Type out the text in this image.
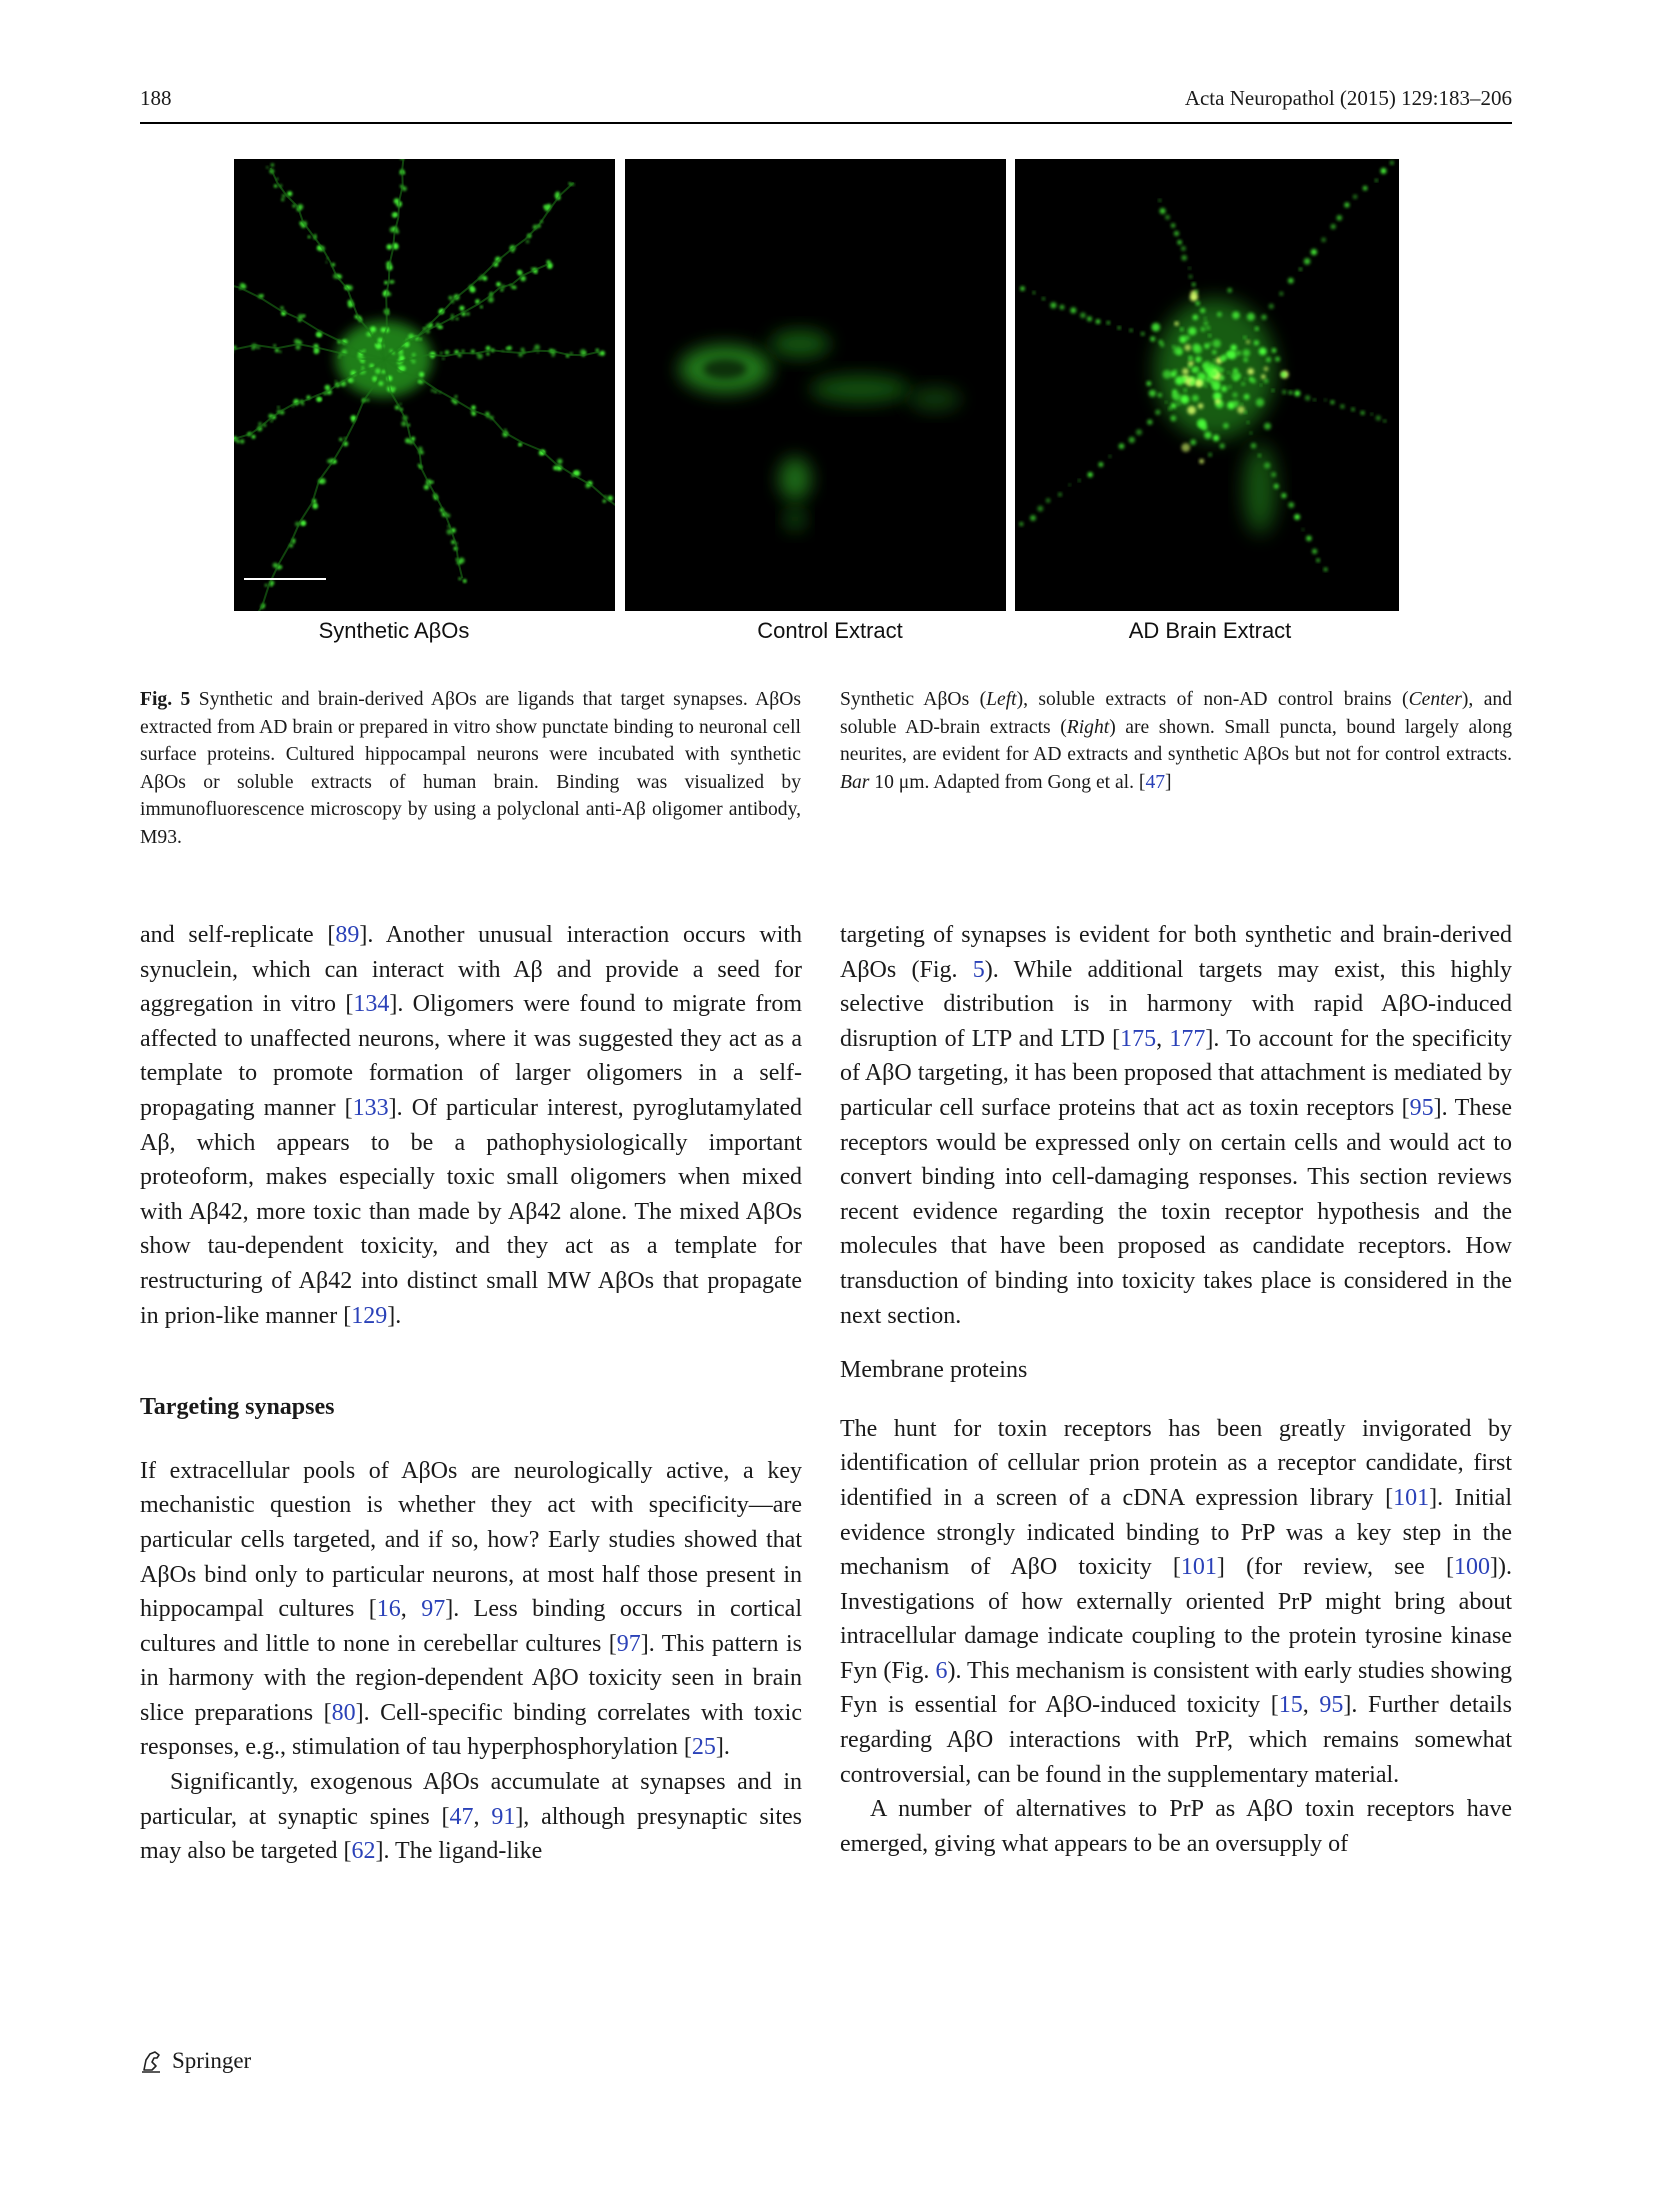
188	Acta Neuropathol (2015) 129:183–206
Synthetic AβOs	Control Extract	AD Brain Extract

Fig. 5 Synthetic and brain-derived AβOs are ligands that target synapses. AβOs extracted from AD brain or prepared in vitro show punctate binding to neuronal cell surface proteins. Cultured hippocampal neurons were incubated with synthetic AβOs or soluble extracts of human brain. Binding was visualized by immunofluorescence microscopy by using a polyclonal anti-Aβ oligomer antibody, M93.

Synthetic AβOs (Left), soluble extracts of non-AD control brains (Center), and soluble AD-brain extracts (Right) are shown. Small puncta, bound largely along neurites, are evident for AD extracts and synthetic AβOs but not for control extracts. Bar 10 μm. Adapted from Gong et al. [47]

and self-replicate [89]. Another unusual interaction occurs with synuclein, which can interact with Aβ and provide a seed for aggregation in vitro [134]. Oligomers were found to migrate from affected to unaffected neurons, where it was suggested they act as a template to promote formation of larger oligomers in a self-propagating manner [133]. Of particular interest, pyroglutamylated Aβ, which appears to be a pathophysiologically important proteoform, makes especially toxic small oligomers when mixed with Aβ42, more toxic than made by Aβ42 alone. The mixed AβOs show tau-dependent toxicity, and they act as a template for restructuring of Aβ42 into distinct small MW AβOs that propagate in prion-like manner [129].

Targeting synapses

If extracellular pools of AβOs are neurologically active, a key mechanistic question is whether they act with specificity—are particular cells targeted, and if so, how? Early studies showed that AβOs bind only to particular neurons, at most half those present in hippocampal cultures [16, 97]. Less binding occurs in cortical cultures and little to none in cerebellar cultures [97]. This pattern is in harmony with the region-dependent AβO toxicity seen in brain slice preparations [80]. Cell-specific binding correlates with toxic responses, e.g., stimulation of tau hyperphosphorylation [25].

Significantly, exogenous AβOs accumulate at synapses and in particular, at synaptic spines [47, 91], although presynaptic sites may also be targeted [62]. The ligand-like

targeting of synapses is evident for both synthetic and brain-derived AβOs (Fig. 5). While additional targets may exist, this highly selective distribution is in harmony with rapid AβO-induced disruption of LTP and LTD [175, 177]. To account for the specificity of AβO targeting, it has been proposed that attachment is mediated by particular cell surface proteins that act as toxin receptors [95]. These receptors would be expressed only on certain cells and would act to convert binding into cell-damaging responses. This section reviews recent evidence regarding the toxin receptor hypothesis and the molecules that have been proposed as candidate receptors. How transduction of binding into toxicity takes place is considered in the next section.

Membrane proteins

The hunt for toxin receptors has been greatly invigorated by identification of cellular prion protein as a receptor candidate, first identified in a screen of a cDNA expression library [101]. Initial evidence strongly indicated binding to PrP was a key step in the mechanism of AβO toxicity [101] (for review, see [100]). Investigations of how externally oriented PrP might bring about intracellular damage indicate coupling to the protein tyrosine kinase Fyn (Fig. 6). This mechanism is consistent with early studies showing Fyn is essential for AβO-induced toxicity [15, 95]. Further details regarding AβO interactions with PrP, which remains somewhat controversial, can be found in the supplementary material.

A number of alternatives to PrP as AβO toxin receptors have emerged, giving what appears to be an oversupply of

Springer
